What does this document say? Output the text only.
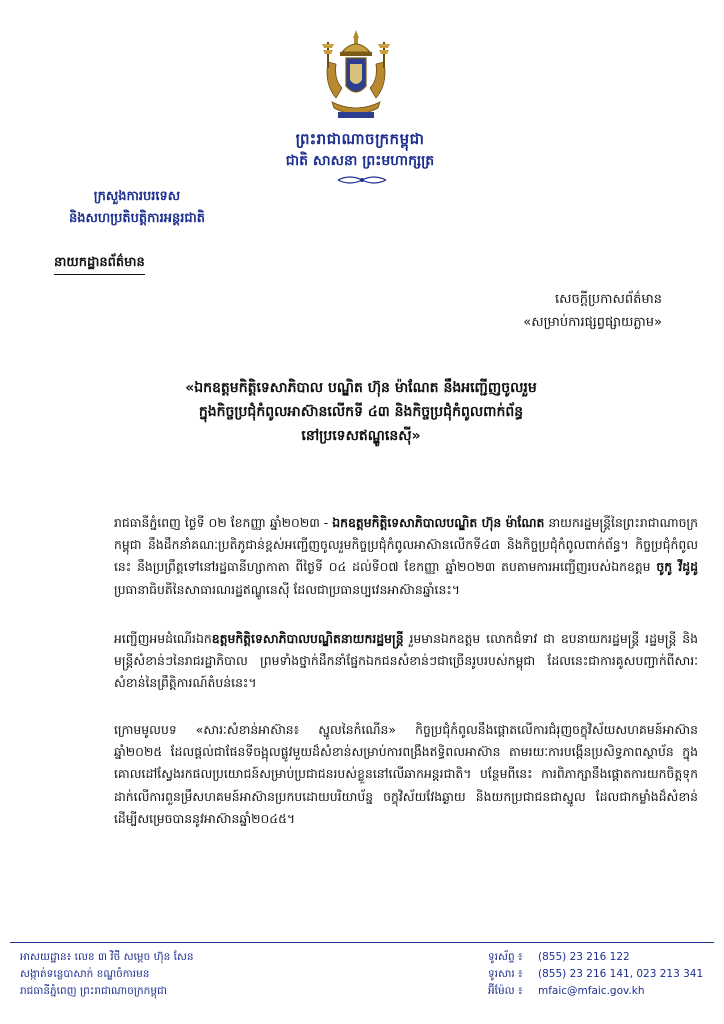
ព្រះរាជាណាចក្រកម្ពុជា
ជាតិ សាសនា ព្រះមហាក្សត្រ
ក្រសួងការបរទេស
និងសហប្រតិបត្តិការអន្តរជាតិ
នាយកដ្ឋានព័ត៌មាន
សេចក្តីប្រកាសព័ត៌មាន
«សម្រាប់ការផ្សព្វផ្សាយភ្លាម»
«ឯកឧត្តមកិត្តិទេសាភិបាល បណ្ឌិត ហ៊ុន ម៉ាណែត នឹងអញ្ជើញចូលរួម
ក្នុងកិច្ចប្រជុំកំពូលអាស៊ានលើកទី ៤៣ និងកិច្ចប្រជុំកំពូលពាក់ព័ន្ធ
នៅប្រទេសឥណ្ឌូនេស៊ី»
រាជធានីភ្នំពេញ ថ្ងៃទី ០២ ខែកញ្ញា ឆ្នាំ២០២៣ - ឯកឧត្តមកិត្តិទេសាភិបាលបណ្ឌិត ហ៊ុន ម៉ាណែត នាយករដ្ឋមន្ត្រីនៃព្រះរាជាណាចក្រកម្ពុជា នឹងដឹកនាំគណៈប្រតិភូជាន់ខ្ពស់អញ្ជើញចូលរួមកិច្ចប្រជុំកំពូលអាស៊ានលើកទី៤៣ និងកិច្ចប្រជុំកំពូលពាក់ព័ន្ធ។ កិច្ចប្រជុំកំពូលនេះ នឹងប្រព្រឹត្តទៅនៅរដ្ឋធានីហ្សាកាតា ពីថ្ងៃទី ០៤ ដល់ទី០៧ ខែកញ្ញា ឆ្នាំ២០២៣ តបតាមការអញ្ជើញរបស់ឯកឧត្តម ចូកូ វីដូដូ ប្រធានាធិបតីនៃសាធារណរដ្ឋឥណ្ឌូនេស៊ី ដែលជាប្រធានប្បវេនអាស៊ានឆ្នាំនេះ។
អញ្ជើញអមដំណើរឯកឧត្តមកិត្តិទេសាភិបាលបណ្ឌិតនាយករដ្ឋមន្ត្រី រួមមានឯកឧត្តម លោកជំទាវ ជា ឧបនាយករដ្ឋមន្ត្រី រដ្ឋមន្ត្រី និងមន្ត្រីសំខាន់ៗនៃរាជរដ្ឋាភិបាល ព្រមទាំងថ្នាក់ដឹកនាំផ្នែកឯកជនសំខាន់ៗជាច្រើនរូបរបស់កម្ពុជា ដែលនេះជាការគូសបញ្ជាក់ពីសារៈសំខាន់នៃព្រឹត្តិការណ៍តំបន់នេះ។
ក្រោមមូលបទ «សារៈសំខាន់អាស៊ាន៖ ស្នូលនៃកំណើន» កិច្ចប្រជុំកំពូលនឹងផ្តោតលើការជំរុញចក្ខុវិស័យសហគមន៍អាស៊ានឆ្នាំ២០២៥ ដែលផ្តល់ជាផែនទីចង្អុលផ្លូវមួយដ៏សំខាន់សម្រាប់ការពង្រឹងឥទ្ធិពលអាស៊ាន តាមរយៈការបង្កើនប្រសិទ្ធភាពស្ថាប័ន ក្នុងគោលដៅស្វែងរកផលប្រយោជន៍សម្រាប់ប្រជាជនរបស់ខ្លួននៅលើឆាកអន្តរជាតិ។ បន្ថែមពីនេះ ការពិភាក្សានឹងផ្តោតការយកចិត្តទុកដាក់លើការពួនម្រឹសហគមន៍អាស៊ានប្រកបដោយបរិយាប័ន្ន ចក្ខុវិស័យវែងឆ្ងាយ និងយកប្រជាជនជាស្នូល ដែលជាកម្លាំងដ៏សំខាន់ដើម្បីសម្រេចបាននូវអាស៊ានឆ្នាំ២០៤៥។
អាសយដ្ឋាន៖ លេខ ៣ វិថី សម្តេច ហ៊ុន សែន
សង្កាត់ទន្លេបាសាក់ ខណ្ឌចំការមន
រាជធានីភ្នំពេញ ព្រះរាជាណាចក្រកម្ពុជា
ទូរស័ព្ទ ៖	(855) 23 216 122
ទូរសារ ៖	(855) 23 216 141, 023 213 341
អ៊ីម៉ែល ៖	mfaic@mfaic.gov.kh
